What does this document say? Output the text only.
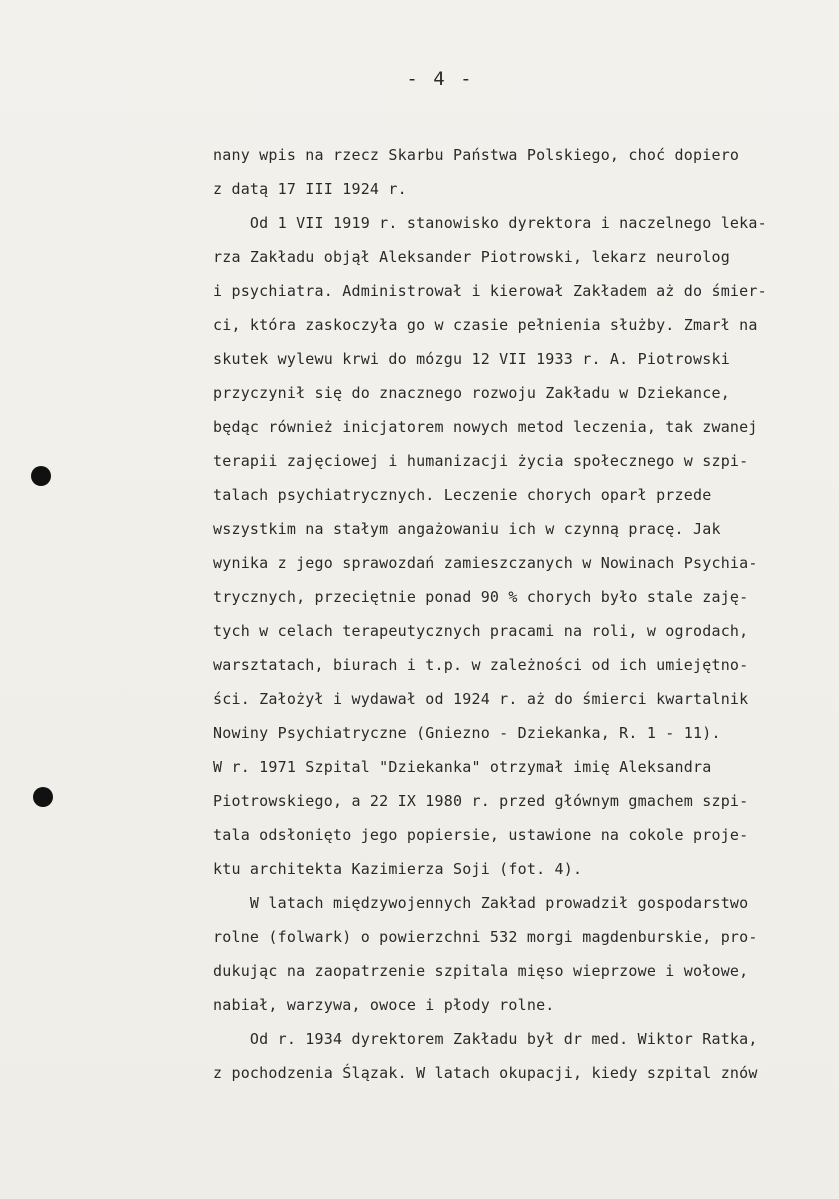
- 4 -
nany wpis na rzecz Skarbu Państwa Polskiego, choć dopiero
z datą 17 III 1924 r.
Od 1 VII 1919 r. stanowisko dyrektora i naczelnego leka-
rza Zakładu objął Aleksander Piotrowski, lekarz neurolog
i psychiatra. Administrował i kierował Zakładem aż do śmier-
ci, która zaskoczyła go w czasie pełnienia służby. Zmarł na
skutek wylewu krwi do mózgu 12 VII 1933 r. A. Piotrowski
przyczynił się do znacznego rozwoju Zakładu w Dziekance,
będąc również inicjatorem nowych metod leczenia, tak zwanej
terapii zajęciowej i humanizacji życia społecznego w szpi-
talach psychiatrycznych. Leczenie chorych oparł przede
wszystkim na stałym angażowaniu ich w czynną pracę. Jak
wynika z jego sprawozdań zamieszczanych w Nowinach Psychia-
trycznych, przeciętnie ponad 90 % chorych było stale zaję-
tych w celach terapeutycznych pracami na roli, w ogrodach,
warsztatach, biurach i t.p. w zależności od ich umiejętno-
ści. Założył i wydawał od 1924 r. aż do śmierci kwartalnik
Nowiny Psychiatryczne (Gniezno - Dziekanka, R. 1 - 11).
W r. 1971 Szpital "Dziekanka" otrzymał imię Aleksandra
Piotrowskiego, a 22 IX 1980 r. przed głównym gmachem szpi-
tala odsłonięto jego popiersie, ustawione na cokole proje-
ktu architekta Kazimierza Soji (fot. 4).
W latach międzywojennych Zakład prowadził gospodarstwo
rolne (folwark) o powierzchni 532 morgi magdenburskie, pro-
dukując na zaopatrzenie szpitala mięso wieprzowe i wołowe,
nabiał, warzywa, owoce i płody rolne.
Od r. 1934 dyrektorem Zakładu był dr med. Wiktor Ratka,
z pochodzenia Ślązak. W latach okupacji, kiedy szpital znów
